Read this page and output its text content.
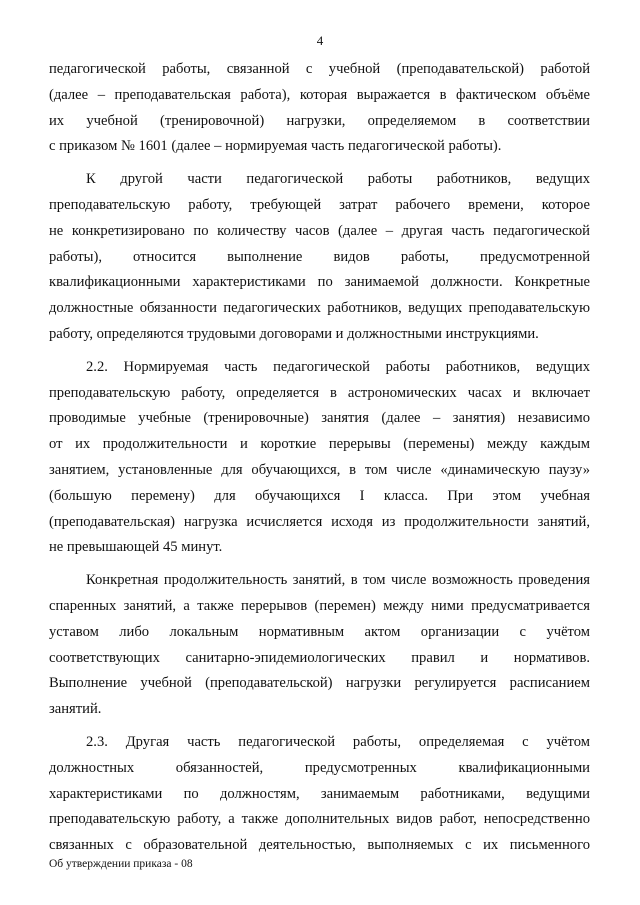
4

педагогической работы, связанной с учебной (преподавательской) работой

(далее – преподавательская работа), которая выражается в фактическом объёме

их учебной (тренировочной) нагрузки, определяемом в соответствии

с приказом № 1601 (далее – нормируемая часть педагогической работы).

К другой части педагогической работы работников, ведущих

преподавательскую работу, требующей затрат рабочего времени, которое

не конкретизировано по количеству часов (далее – другая часть педагогической

работы), относится выполнение видов работы, предусмотренной

квалификационными характеристиками по занимаемой должности. Конкретные

должностные обязанности педагогических работников, ведущих преподавательскую

работу, определяются трудовыми договорами и должностными инструкциями.

2.2. Нормируемая часть педагогической работы работников, ведущих

преподавательскую работу, определяется в астрономических часах и включает

проводимые учебные (тренировочные) занятия (далее – занятия) независимо

от их продолжительности и короткие перерывы (перемены) между каждым

занятием, установленные для обучающихся, в том числе «динамическую паузу»

(большую перемену) для обучающихся I класса. При этом учебная

(преподавательская) нагрузка исчисляется исходя из продолжительности занятий,

не превышающей 45 минут.

Конкретная продолжительность занятий, в том числе возможность проведения

спаренных занятий, а также перерывов (перемен) между ними предусматривается

уставом либо локальным нормативным актом организации с учётом

соответствующих санитарно-эпидемиологических правил и нормативов.

Выполнение учебной (преподавательской) нагрузки регулируется расписанием

занятий.

2.3. Другая часть педагогической работы, определяемая с учётом

должностных обязанностей, предусмотренных квалификационными

характеристиками по должностям, занимаемым работниками, ведущими

преподавательскую работу, а также дополнительных видов работ, непосредственно

связанных с образовательной деятельностью, выполняемых с их письменного

Об утверждении приказа - 08
